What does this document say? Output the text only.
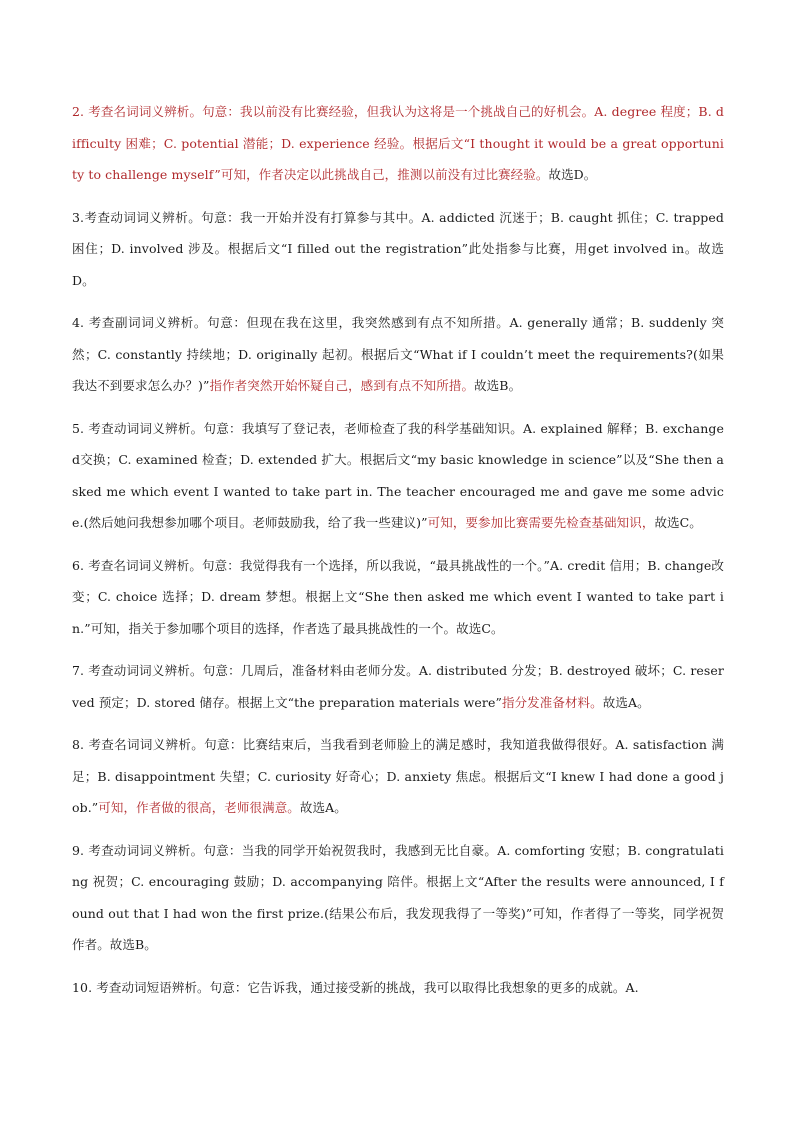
2. 考查名词词义辨析。句意：我以前没有比赛经验，但我认为这将是一个挑战自己的好机会。A. degree 程度；B. difficulty 困难；C. potential 潜能；D. experience 经验。根据后文“I thought it would be a great opportunity to challenge myself”可知，作者决定以此挑战自己，推测以前没有过比赛经验。故选D。

3.考查动词词义辨析。句意：我一开始并没有打算参与其中。A. addicted 沉迷于；B. caught 抓住；C. trapped 困住；D. involved 涉及。根据后文“I filled out the registration”此处指参与比赛，用get involved in。故选D。

4. 考查副词词义辨析。句意：但现在我在这里，我突然感到有点不知所措。A. generally 通常；B. suddenly 突然；C. constantly 持续地；D. originally 起初。根据后文“What if I couldn’t meet the requirements?(如果我达不到要求怎么办？)”指作者突然开始怀疑自己，感到有点不知所措。故选B。

5. 考查动词词义辨析。句意：我填写了登记表，老师检查了我的科学基础知识。A. explained 解释；B. exchanged交换；C. examined 检查；D. extended 扩大。根据后文“my basic knowledge in science”以及“She then asked me which event I wanted to take part in. The teacher encouraged me and gave me some advice.(然后她问我想参加哪个项目。老师鼓励我，给了我一些建议)”可知，要参加比赛需要先检查基础知识，故选C。

6. 考查名词词义辨析。句意：我觉得我有一个选择，所以我说，“最具挑战性的一个。”A. credit 信用；B. change改变；C. choice 选择；D. dream 梦想。根据上文“She then asked me which event I wanted to take part in.”可知，指关于参加哪个项目的选择，作者选了最具挑战性的一个。故选C。

7. 考查动词词义辨析。句意：几周后，准备材料由老师分发。A. distributed 分发；B. destroyed 破坏；C. reserved 预定；D. stored 储存。根据上文“the preparation materials were”指分发准备材料。故选A。

8. 考查名词词义辨析。句意：比赛结束后，当我看到老师脸上的满足感时，我知道我做得很好。A. satisfaction 满足；B. disappointment 失望；C. curiosity 好奇心；D. anxiety 焦虑。根据后文“I knew I had done a good job.”可知，作者做的很高，老师很满意。故选A。

9. 考查动词词义辨析。句意：当我的同学开始祝贺我时，我感到无比自豪。A. comforting 安慰；B. congratulating 祝贺；C. encouraging 鼓励；D. accompanying 陪伴。根据上文“After the results were announced, I found out that I had won the first prize.(结果公布后，我发现我得了一等奖)”可知，作者得了一等奖，同学祝贺作者。故选B。

10. 考查动词短语辨析。句意：它告诉我，通过接受新的挑战，我可以取得比我想象的更多的成就。A.
